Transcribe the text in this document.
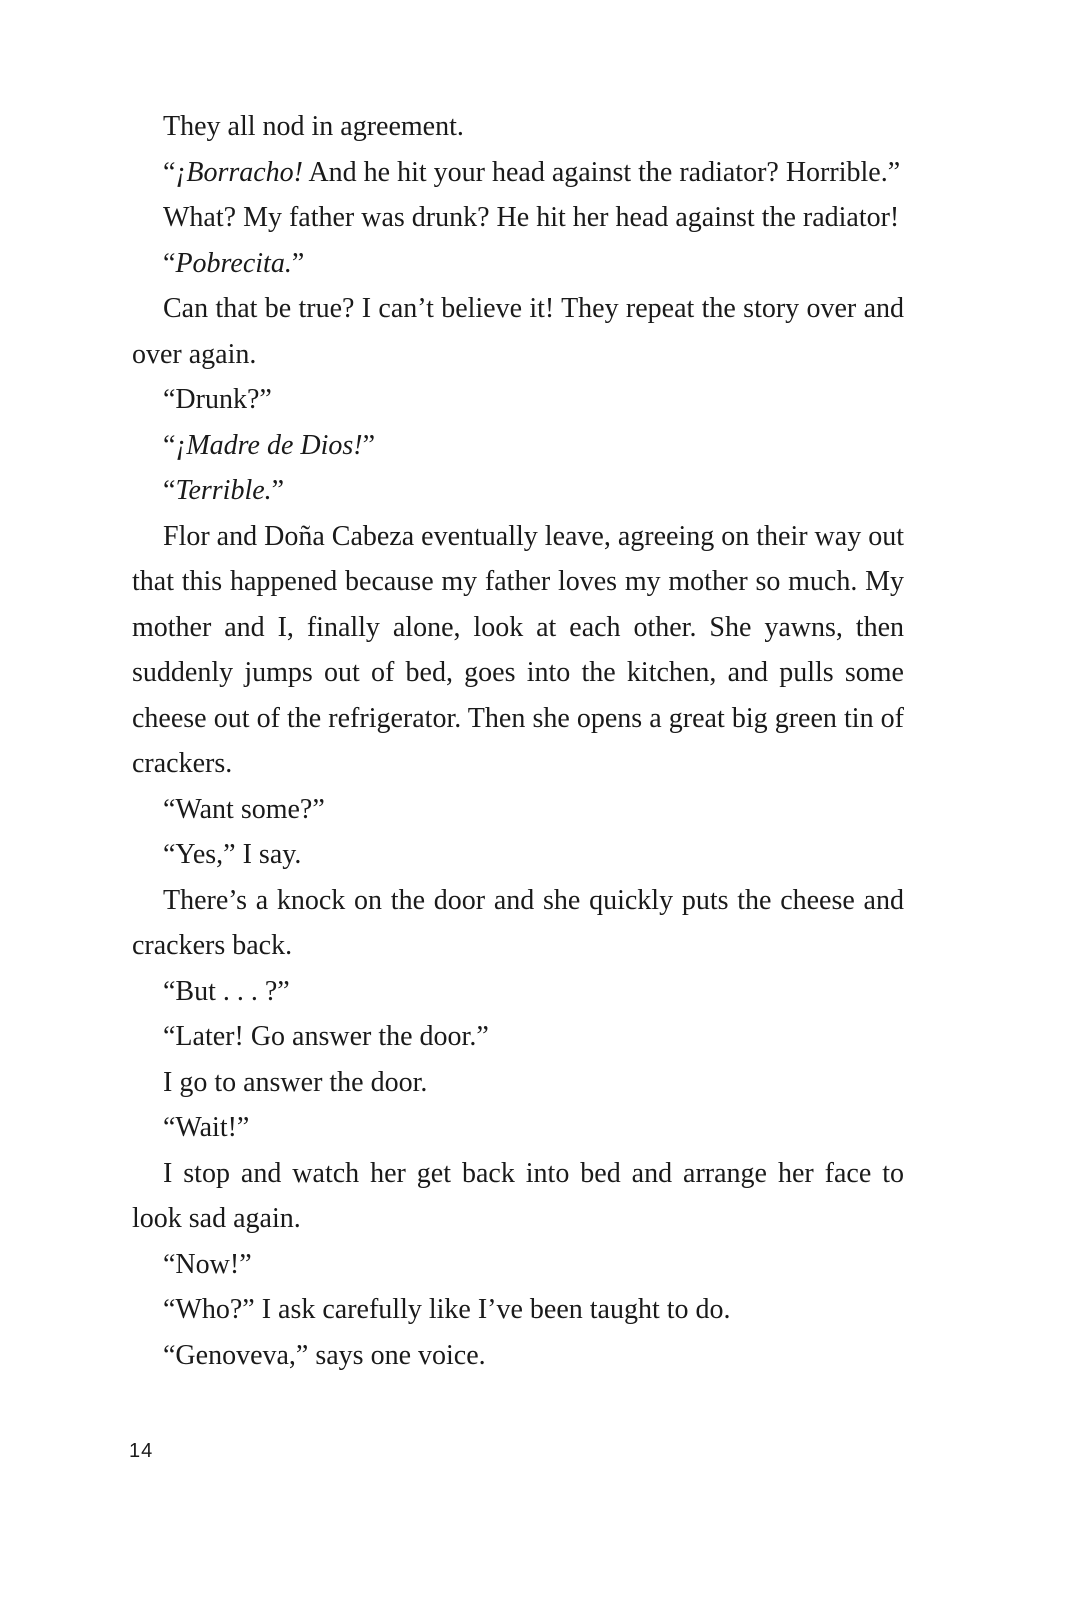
They all nod in agreement.

“¡Borracho! And he hit your head against the radiator? Horrible.”

What? My father was drunk? He hit her head against the radiator!

“Pobrecita.”

Can that be true? I can’t believe it! They repeat the story over and over again.

“Drunk?”

“¡Madre de Dios!”

“Terrible.”

Flor and Doña Cabeza eventually leave, agreeing on their way out that this happened because my father loves my mother so much. My mother and I, finally alone, look at each other. She yawns, then suddenly jumps out of bed, goes into the kitchen, and pulls some cheese out of the refrigerator. Then she opens a great big green tin of crackers.

“Want some?”

“Yes,” I say.

There’s a knock on the door and she quickly puts the cheese and crackers back.

“But . . . ?”

“Later! Go answer the door.”

I go to answer the door.

“Wait!”

I stop and watch her get back into bed and arrange her face to look sad again.

“Now!”

“Who?” I ask carefully like I’ve been taught to do.

“Genoveva,” says one voice.

14
